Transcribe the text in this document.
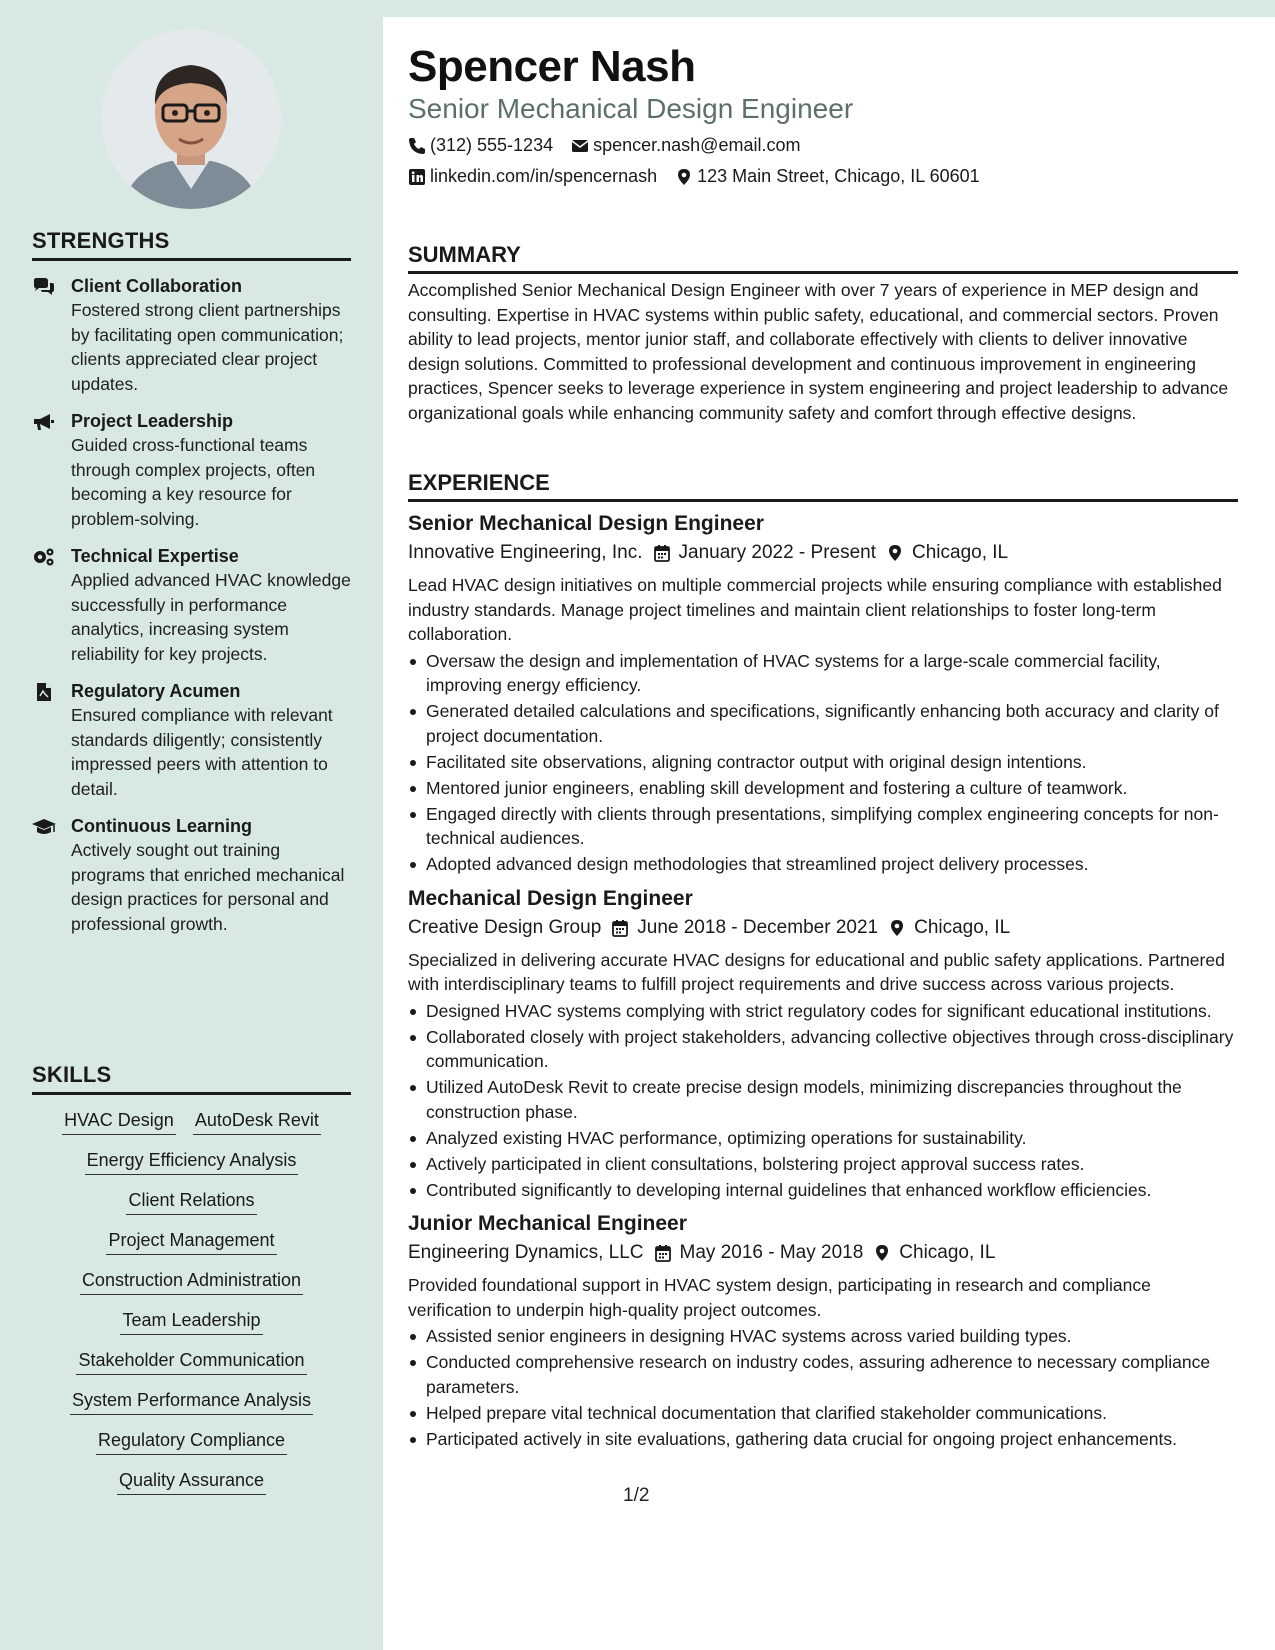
STRENGTHS
Client Collaboration
Fostered strong client partnerships by facilitating open communication; clients appreciated clear project updates.
Project Leadership
Guided cross-functional teams through complex projects, often becoming a key resource for problem-solving.
Technical Expertise
Applied advanced HVAC knowledge successfully in performance analytics, increasing system reliability for key projects.
Regulatory Acumen
Ensured compliance with relevant standards diligently; consistently impressed peers with attention to detail.
Continuous Learning
Actively sought out training programs that enriched mechanical design practices for personal and professional growth.
SKILLS
HVAC Design AutoDesk Revit
Energy Efficiency Analysis
Client Relations
Project Management
Construction Administration
Team Leadership
Stakeholder Communication
System Performance Analysis
Regulatory Compliance
Quality Assurance
Spencer Nash
Senior Mechanical Design Engineer
(312) 555-1234 spencer.nash@email.com
linkedin.com/in/spencernash 123 Main Street, Chicago, IL 60601
SUMMARY
Accomplished Senior Mechanical Design Engineer with over 7 years of experience in MEP design and consulting. Expertise in HVAC systems within public safety, educational, and commercial sectors. Proven ability to lead projects, mentor junior staff, and collaborate effectively with clients to deliver innovative design solutions. Committed to professional development and continuous improvement in engineering practices, Spencer seeks to leverage experience in system engineering and project leadership to advance organizational goals while enhancing community safety and comfort through effective designs.
EXPERIENCE
Senior Mechanical Design Engineer
Innovative Engineering, Inc. January 2022 - Present Chicago, IL
Lead HVAC design initiatives on multiple commercial projects while ensuring compliance with established industry standards. Manage project timelines and maintain client relationships to foster long-term collaboration.
Oversaw the design and implementation of HVAC systems for a large-scale commercial facility, improving energy efficiency.
Generated detailed calculations and specifications, significantly enhancing both accuracy and clarity of project documentation.
Facilitated site observations, aligning contractor output with original design intentions.
Mentored junior engineers, enabling skill development and fostering a culture of teamwork.
Engaged directly with clients through presentations, simplifying complex engineering concepts for non-technical audiences.
Adopted advanced design methodologies that streamlined project delivery processes.
Mechanical Design Engineer
Creative Design Group June 2018 - December 2021 Chicago, IL
Specialized in delivering accurate HVAC designs for educational and public safety applications. Partnered with interdisciplinary teams to fulfill project requirements and drive success across various projects.
Designed HVAC systems complying with strict regulatory codes for significant educational institutions.
Collaborated closely with project stakeholders, advancing collective objectives through cross-disciplinary communication.
Utilized AutoDesk Revit to create precise design models, minimizing discrepancies throughout the construction phase.
Analyzed existing HVAC performance, optimizing operations for sustainability.
Actively participated in client consultations, bolstering project approval success rates.
Contributed significantly to developing internal guidelines that enhanced workflow efficiencies.
Junior Mechanical Engineer
Engineering Dynamics, LLC May 2016 - May 2018 Chicago, IL
Provided foundational support in HVAC system design, participating in research and compliance verification to underpin high-quality project outcomes.
Assisted senior engineers in designing HVAC systems across varied building types.
Conducted comprehensive research on industry codes, assuring adherence to necessary compliance parameters.
Helped prepare vital technical documentation that clarified stakeholder communications.
Participated actively in site evaluations, gathering data crucial for ongoing project enhancements.
1/2
